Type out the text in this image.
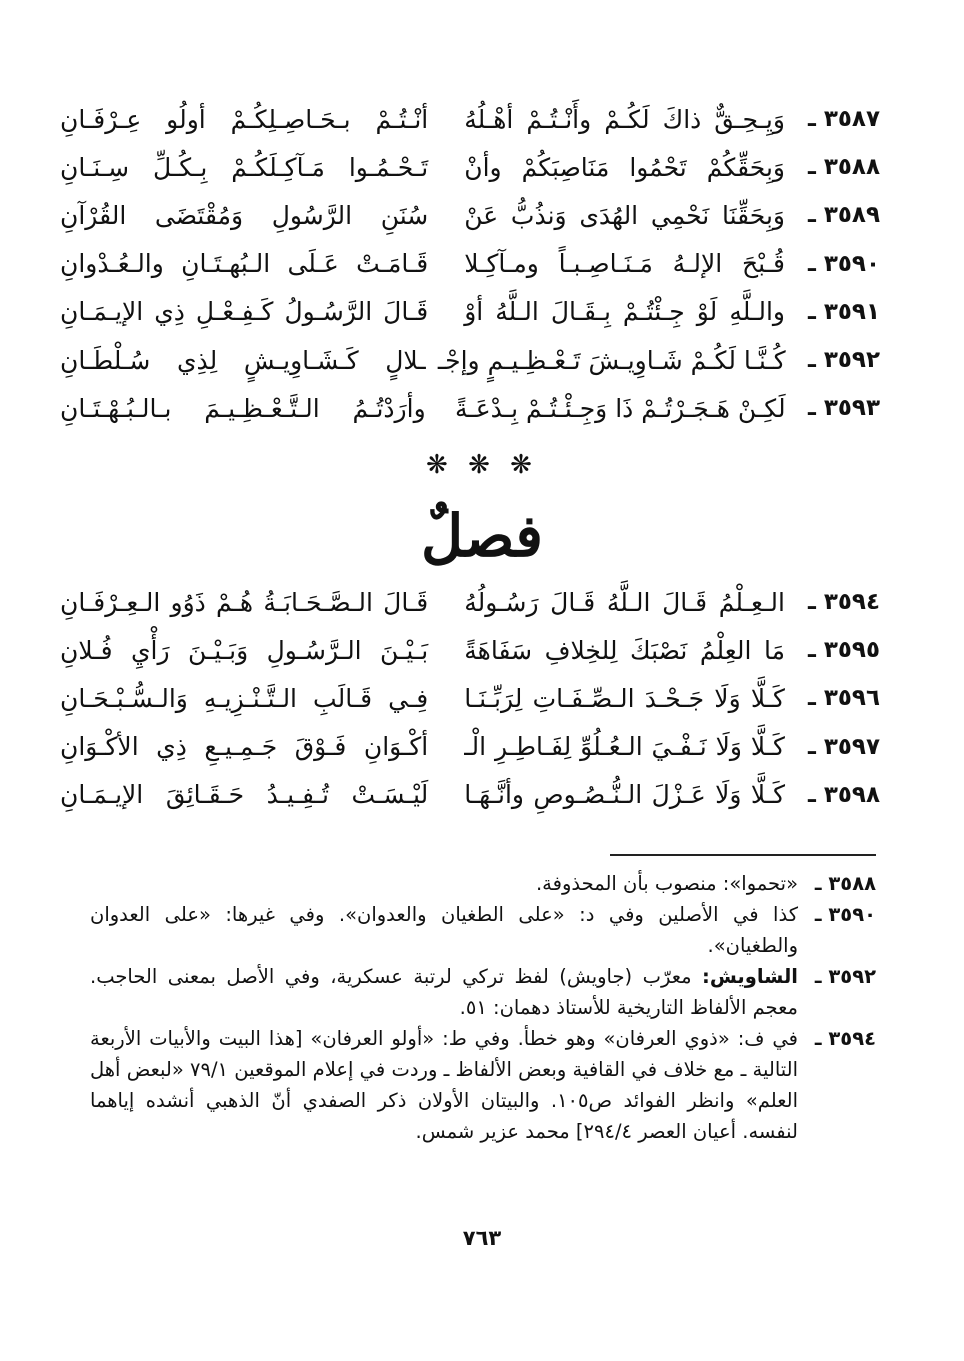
٣٥٨٧ ـ
وَيِـحِـقٌّ ذاكَ لَكُـمْ وأَنْـتُـمْ أهْـلُهُ
أنْـتُـمْ بـحَـاصِـلِكُـمْ أولُو عِـرْفَـانِ
٣٥٨٨ ـ
وَبِحَقِّكُمْ تَحْمُوا مَنَاصِبَكُمْ وأنْ
تَـحْـمُـوا مَـآكِـلَكُـمْ بِـكُـلِّ سِـنَـانِ
٣٥٨٩ ـ
وَبِحَقِّنَا نَحْمِي الهُدَى وَنذُبُّ عَنْ
سُنَنِ الرَّسُولِ وَمُقْتَضَى القُرْآنِ
٣٥٩٠ ـ
قُـبْحَ الإلـهُ مَـنَـاصِـبـاً ومـآكِـلا
قَـامَـتْ عَـلَى الـبُهـتَـانِ والـعُـدْوانِ
٣٥٩١ ـ
والـلَّهِ لَوْ جِـئْتُـمْ بِـقَـالَ الـلَّهُ أوْ
قَـالَ الرَّسُـولُ كَـفِـعْـلِ ذِي الإيـمَـانِ
٣٥٩٢ ـ
كُـنَّـا لَكُـمْ شَـاوِيـشَ تَـعْـظِـيـمٍ وإجْـ
ـلالٍ كَـشَـاوِيـشٍ لِذِي سُـلْطَـانِ
٣٥٩٣ ـ
لَكِـنْ هَـجَـرْتُـمْ ذَا وَجِـئْـتُـمْ بِـدْعَـةً
وأرَدْتُـمُ الـتَّـعْـظِـيـمَ بـالـبُـهْـتَـانِ
❋ ❋ ❋
فصلٌ
٣٥٩٤ ـ
الـعِـلْمُ قَـالَ الـلَّهُ قَـالَ رَسُـولُهُ
قَـالَ الـصَّـحَـابَـةُ هُـمْ ذَوُو الـعِـرْفَـانِ
٣٥٩٥ ـ
مَا العِلْمُ نَصْبَكَ لِلخِلافِ سَفَاهَةً
بَـيْـنَ الـرَّسُـولِ وَبَـيْـنَ رَأْيِ فُـلانِ
٣٥٩٦ ـ
كَـلَّا وَلَا جَـحْـدَ الـصِّـفَـاتِ لِرَبِّـنَـا
فِـي قَـالَبِ الـتَّـنْـزِيـهِ وَالـسُّـبْـحَـانِ
٣٥٩٧ ـ
كَـلَّا وَلَا نَـفْـيَ الـعُـلُوِّ لِفَـاطِـرِ الْـ
أكْـوَانِ فَـوْقَ جَـمِـيـعِ ذِي الأكْـوَانِ
٣٥٩٨ ـ
كَـلَّا وَلَا عَـزْلَ الـنُّـصُـوصِ وأنَّـهَـا
لَيْـسَـتْ تُـفِـيـدُ حَـقَـائِقَ الإيـمَـانِ
٣٥٨٨ ـ
«تحموا»: منصوب بأن المحذوفة.
٣٥٩٠ ـ
كذا في الأصلين وفي د: «على الطغيان والعدوان». وفي غيرها: «على العدوان والطغيان».
٣٥٩٢ ـ
الشاويش: معرّب (جاويش) لفظ تركي لرتبة عسكرية، وفي الأصل بمعنى الحاجب. معجم الألفاظ التاريخية للأستاذ دهمان: ٥١.
٣٥٩٤ ـ
في ف: «ذوي العرفان» وهو خطأ. وفي ط: «أولو العرفان» [هذا البيت والأبيات الأربعة التالية ـ مع خلاف في القافية وبعض الألفاظ ـ وردت في إعلام الموقعين ٧٩/١ «لبعض أهل العلم» وانظر الفوائد ص١٠٥. والبيتان الأولان ذكر الصفدي أنّ الذهبي أنشده إياهما لنفسه. أعيان العصر ٢٩٤/٤] محمد عزير شمس.
٧٦٣
